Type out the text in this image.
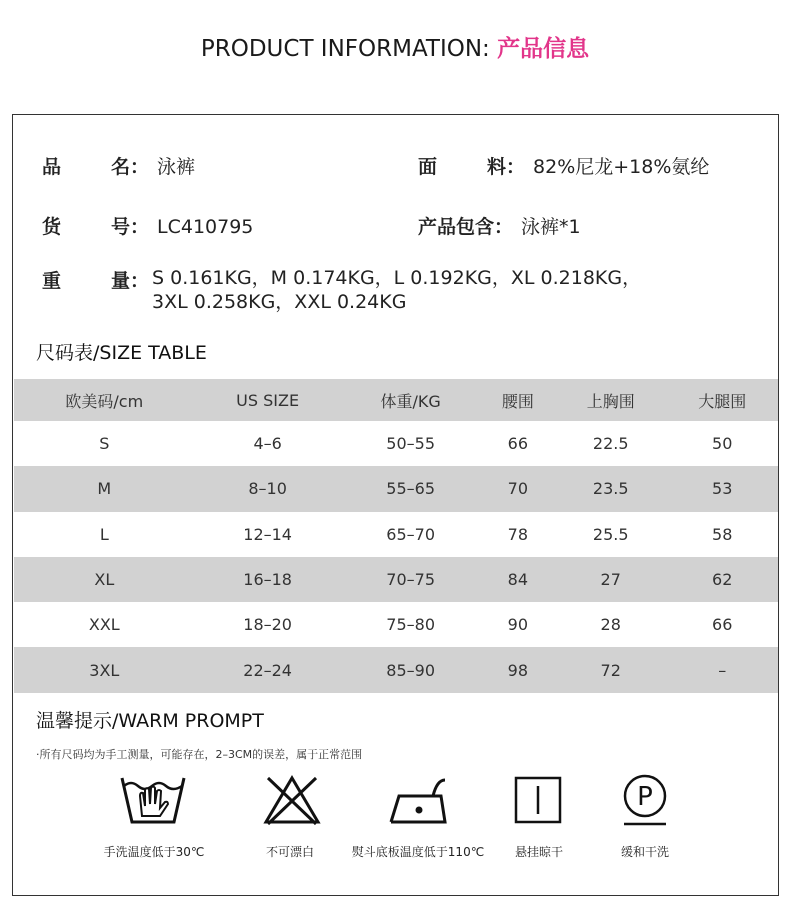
PRODUCT INFORMATION: 产品信息
品	名 ： 泳裤	面	料 ： 82%尼龙+18%氨纶
货	号 ： LC410795	产品包含： 泳裤*1
重	量 ： S 0.161KG，M 0.174KG，L 0.192KG，XL 0.218KG，
3XL 0.258KG，XXL 0.24KG
尺码表/SIZE TABLE
欧美码/cm	US SIZE	体重/KG	腰围	上胸围	大腿围
S	4–6	50–55	66	22.5	50
M	8–10	55–65	70	23.5	53
L	12–14	65–70	78	25.5	58
XL	16–18	70–75	84	27	62
XXL	18–20	75–80	90	28	66
3XL	22–24	85–90	98	72	–
温馨提示/WARM PROMPT
·所有尺码均为手工测量，可能存在，2–3CM的误差，属于正常范围
P
手洗温度低于30℃	不可漂白	熨斗底板温度低于110℃	悬挂晾干	缓和干洗
